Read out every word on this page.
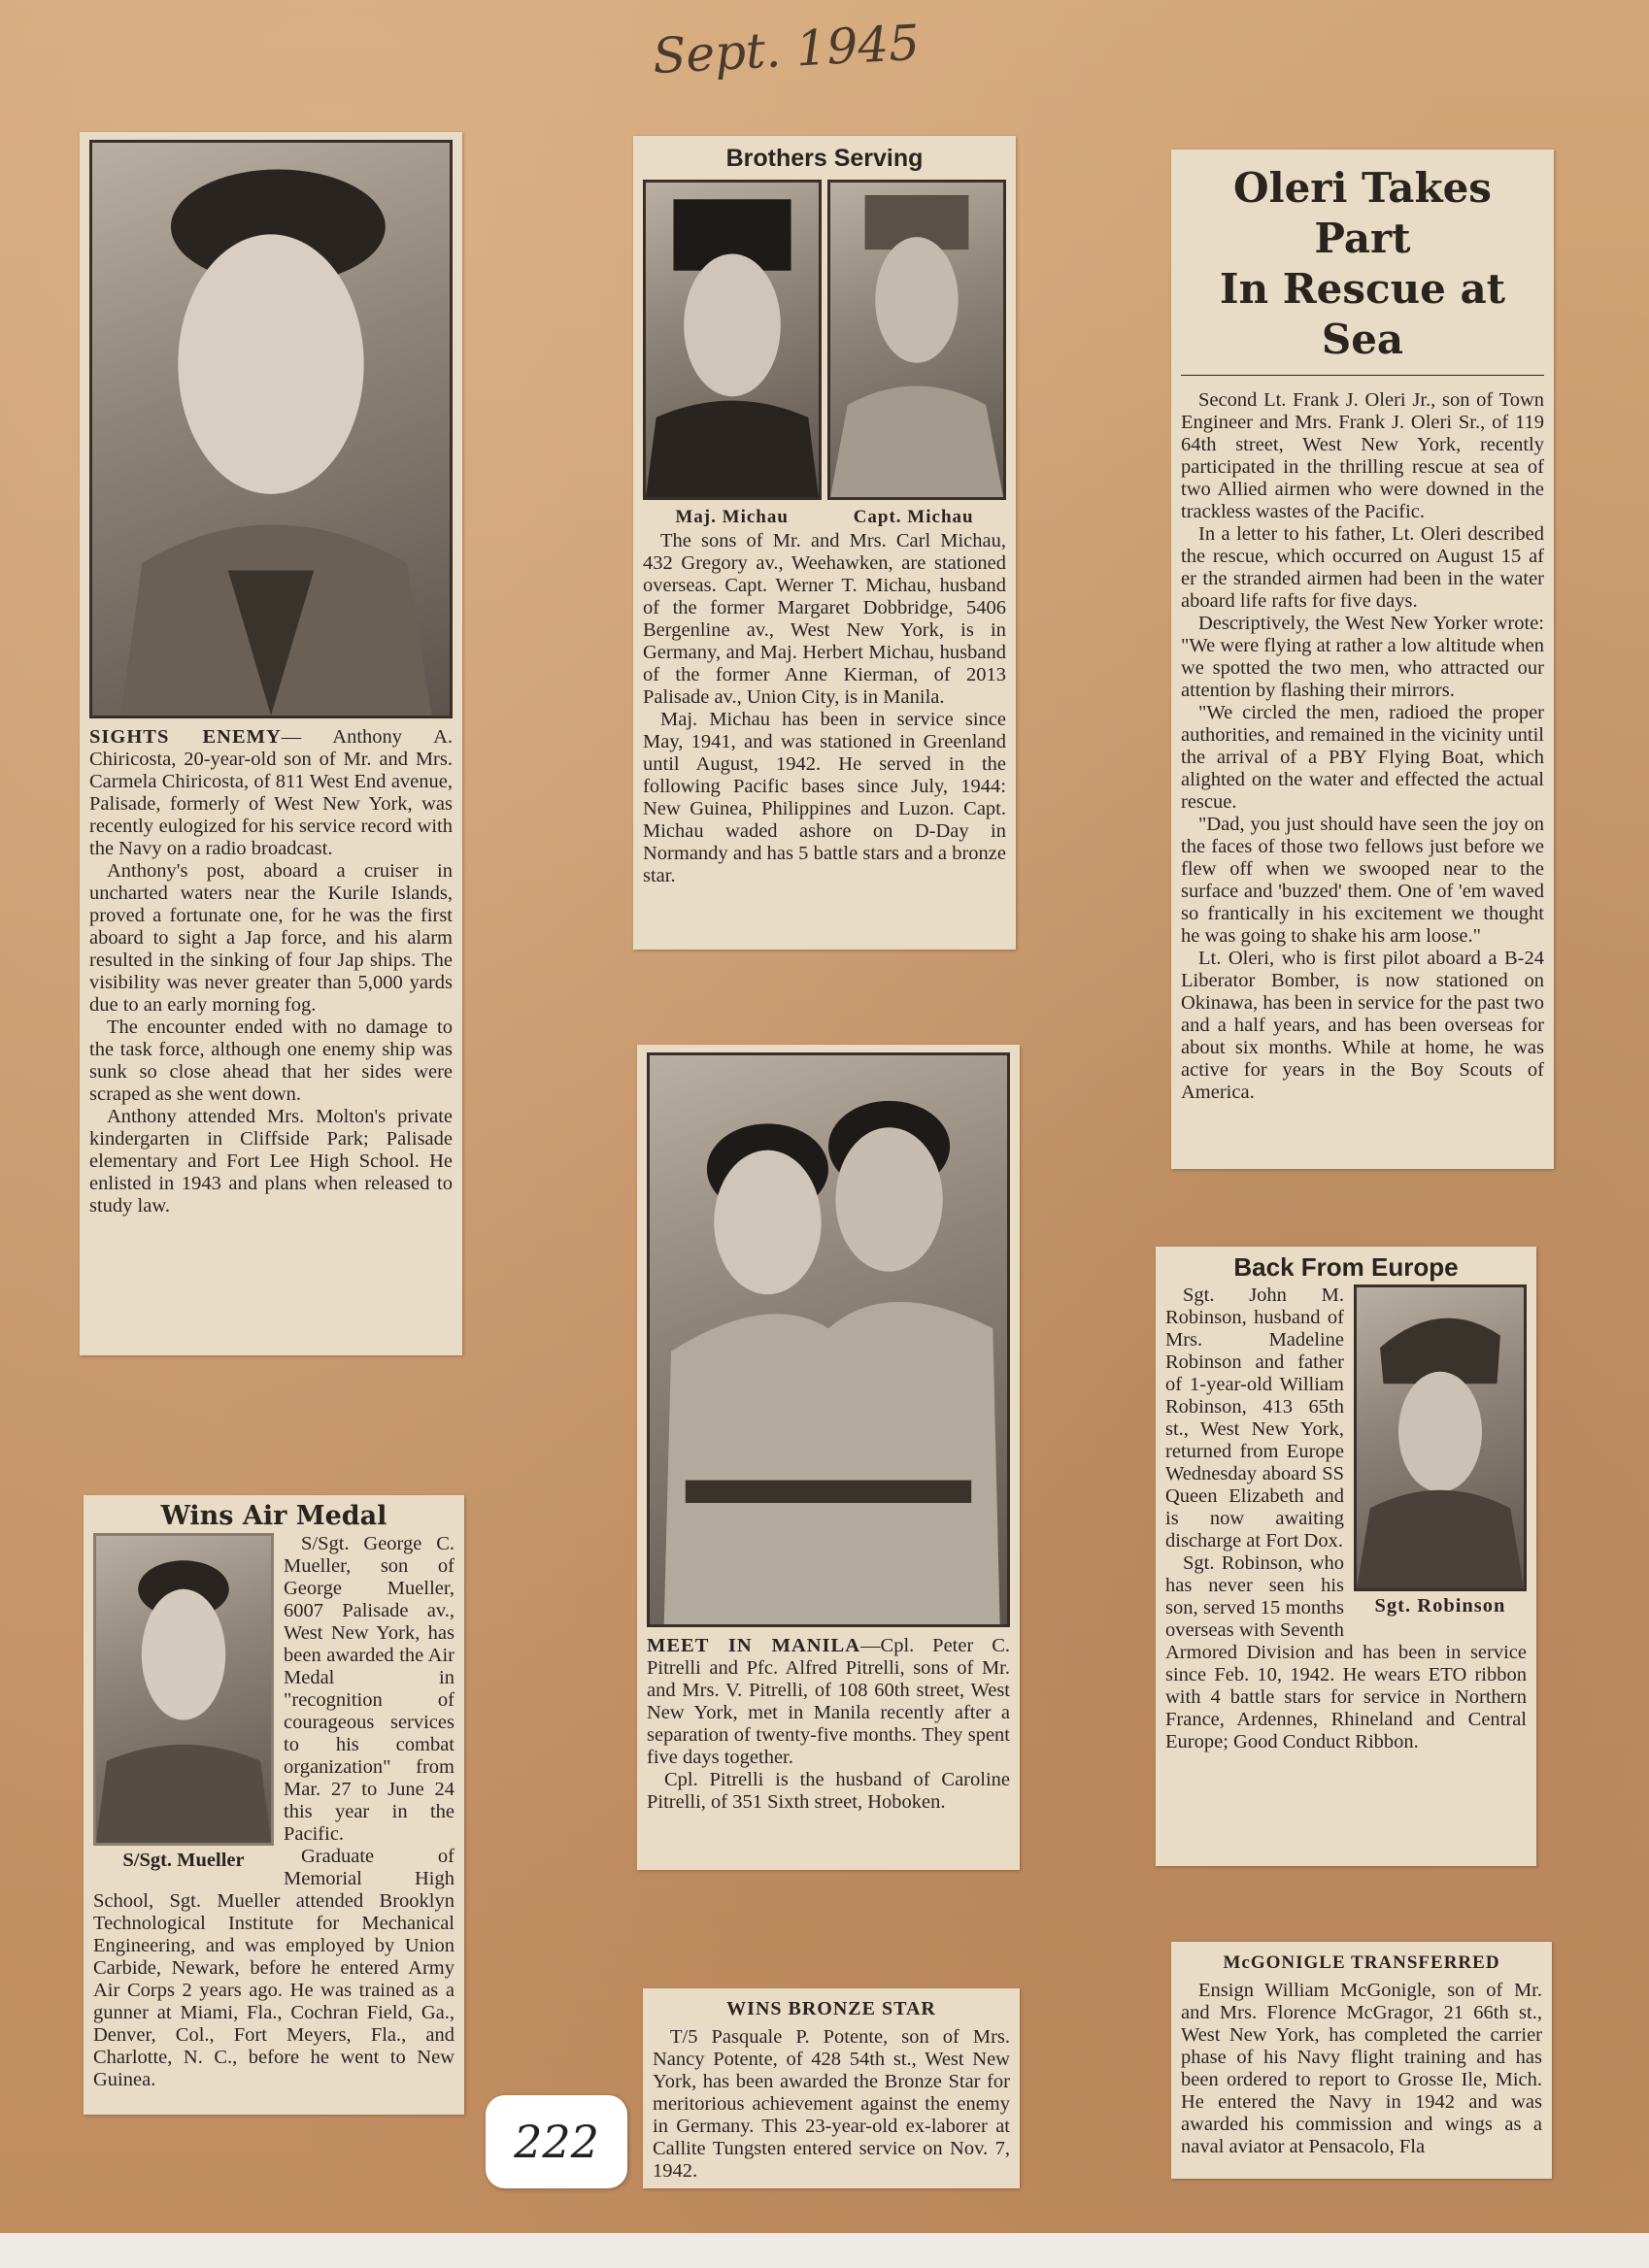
Sept. 1945

SIGHTS ENEMY— Anthony A. Chiricosta, 20-year-old son of Mr. and Mrs. Carmela Chiricosta, of 811 West End avenue, Palisade, formerly of West New York, was recently eulogized for his service record with the Navy on a radio broadcast.

Anthony's post, aboard a cruiser in uncharted waters near the Kurile Islands, proved a fortunate one, for he was the first aboard to sight a Jap force, and his alarm resulted in the sinking of four Jap ships. The visibility was never greater than 5,000 yards due to an early morning fog.

The encounter ended with no damage to the task force, although one enemy ship was sunk so close ahead that her sides were scraped as she went down.

Anthony attended Mrs. Molton's private kindergarten in Cliffside Park; Palisade elementary and Fort Lee High School. He enlisted in 1943 and plans when released to study law.

Brothers Serving
Maj. Michau	Capt. Michau

The sons of Mr. and Mrs. Carl Michau, 432 Gregory av., Weehawken, are stationed overseas. Capt. Werner T. Michau, husband of the former Margaret Dobbridge, 5406 Bergenline av., West New York, is in Germany, and Maj. Herbert Michau, husband of the former Anne Kierman, of 2013 Palisade av., Union City, is in Manila.

Maj. Michau has been in service since May, 1941, and was stationed in Greenland until August, 1942. He served in the following Pacific bases since July, 1944: New Guinea, Philippines and Luzon. Capt. Michau waded ashore on D-Day in Normandy and has 5 battle stars and a bronze star.

Oleri Takes Part
In Rescue at Sea

Second Lt. Frank J. Oleri Jr., son of Town Engineer and Mrs. Frank J. Oleri Sr., of 119 64th street, West New York, recently participated in the thrilling rescue at sea of two Allied airmen who were downed in the trackless wastes of the Pacific.

In a letter to his father, Lt. Oleri described the rescue, which occurred on August 15 af er the stranded airmen had been in the water aboard life rafts for five days.

Descriptively, the West New Yorker wrote: "We were flying at rather a low altitude when we spotted the two men, who attracted our attention by flashing their mirrors.

"We circled the men, radioed the proper authorities, and remained in the vicinity until the arrival of a PBY Flying Boat, which alighted on the water and effected the actual rescue.

"Dad, you just should have seen the joy on the faces of those two fellows just before we flew off when we swooped near to the surface and 'buzzed' them. One of 'em waved so frantically in his excitement we thought he was going to shake his arm loose."

Lt. Oleri, who is first pilot aboard a B-24 Liberator Bomber, is now stationed on Okinawa, has been in service for the past two and a half years, and has been overseas for about six months. While at home, he was active for years in the Boy Scouts of America.

MEET IN MANILA—Cpl. Peter C. Pitrelli and Pfc. Alfred Pitrelli, sons of Mr. and Mrs. V. Pitrelli, of 108 60th street, West New York, met in Manila recently after a separation of twenty-five months. They spent five days together.

Cpl. Pitrelli is the husband of Caroline Pitrelli, of 351 Sixth street, Hoboken.

Back From Europe
Sgt. Robinson

Sgt. John M. Robinson, husband of Mrs. Madeline Robinson and father of 1-year-old William Robinson, 413 65th st., West New York, returned from Europe Wednesday aboard SS Queen Elizabeth and is now awaiting discharge at Fort Dox.

Sgt. Robinson, who has never seen his son, served 15 months overseas with Seventh Armored Division and has been in service since Feb. 10, 1942. He wears ETO ribbon with 4 battle stars for service in Northern France, Ardennes, Rhineland and Central Europe; Good Conduct Ribbon.

Wins Air Medal
S/Sgt. Mueller

S/Sgt. George C. Mueller, son of George Mueller, 6007 Palisade av., West New York, has been awarded the Air Medal in "recognition of courageous services to his combat organization" from Mar. 27 to June 24 this year in the Pacific.

Graduate of Memorial High School, Sgt. Mueller attended Brooklyn Technological Institute for Mechanical Engineering, and was employed by Union Carbide, Newark, before he entered Army Air Corps 2 years ago. He was trained as a gunner at Miami, Fla., Cochran Field, Ga., Denver, Col., Fort Meyers, Fla., and Charlotte, N. C., before he went to New Guinea.

WINS BRONZE STAR

T/5 Pasquale P. Potente, son of Mrs. Nancy Potente, of 428 54th st., West New York, has been awarded the Bronze Star for meritorious achievement against the enemy in Germany. This 23-year-old ex-laborer at Callite Tungsten entered service on Nov. 7, 1942.

McGONIGLE TRANSFERRED

Ensign William McGonigle, son of Mr. and Mrs. Florence McGragor, 21 66th st., West New York, has completed the carrier phase of his Navy flight training and has been ordered to report to Grosse Ile, Mich. He entered the Navy in 1942 and was awarded his commission and wings as a naval aviator at Pensacolo, Fla

222
